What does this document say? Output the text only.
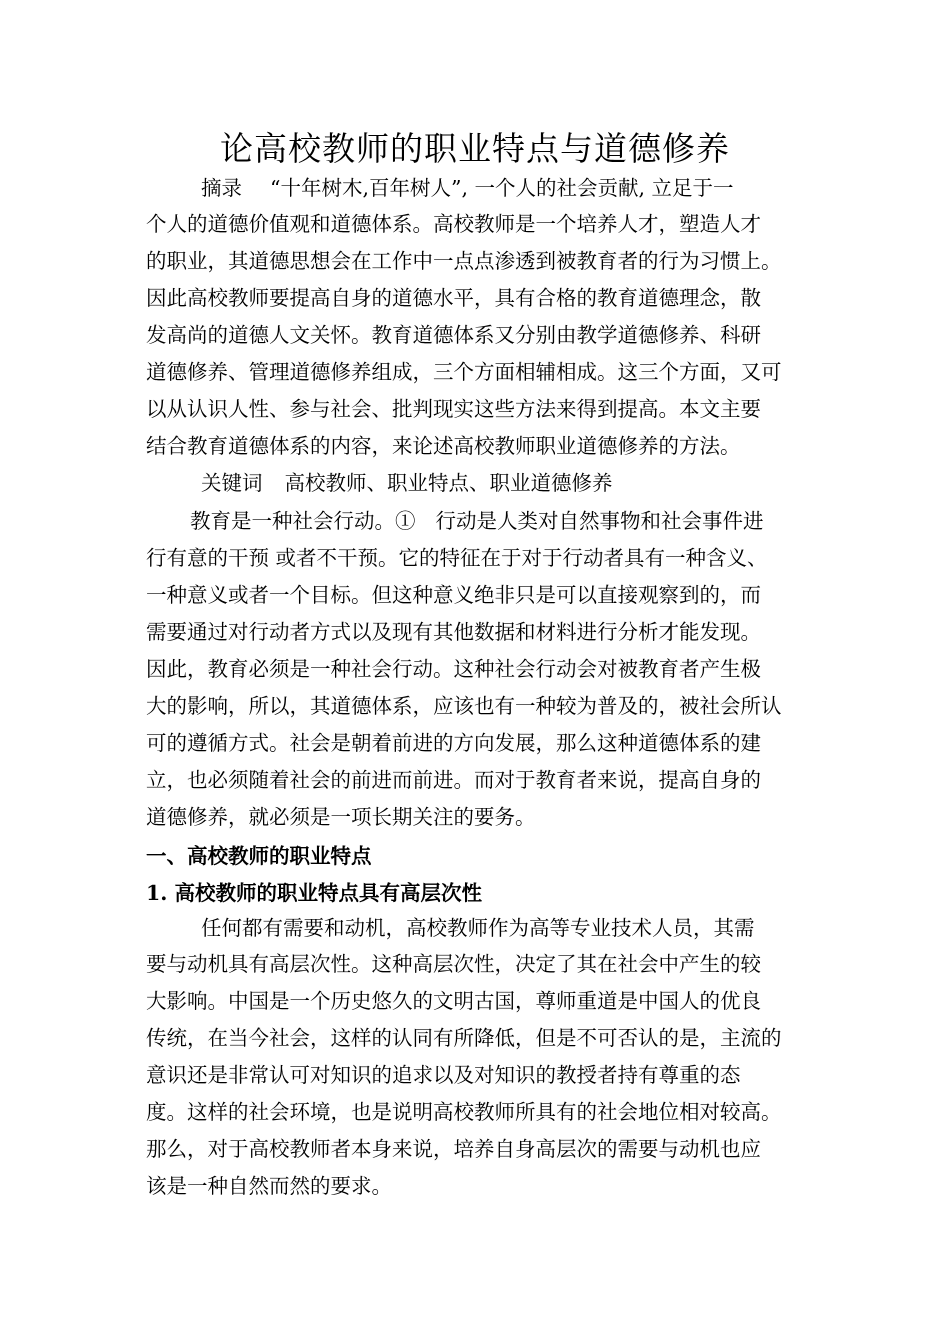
论高校教师的职业特点与道德修养
摘录 “十年树木,百年树人”, 一个人的社会贡献, 立足于一
个人的道德价值观和道德体系。高校教师是一个培养人才，塑造人才
的职业，其道德思想会在工作中一点点渗透到被教育者的行为习惯上。
因此高校教师要提高自身的道德水平，具有合格的教育道德理念，散
发高尚的道德人文关怀。教育道德体系又分别由教学道德修养、科研
道德修养、管理道德修养组成，三个方面相辅相成。这三个方面，又可
以从认识人性、参与社会、批判现实这些方法来得到提高。本文主要
结合教育道德体系的内容，来论述高校教师职业道德修养的方法。
关键词 高校教师、职业特点、职业道德修养
教育是一种社会行动。① 行动是人类对自然事物和社会事件进
行有意的干预 或者不干预。它的特征在于对于行动者具有一种含义、
一种意义或者一个目标。但这种意义绝非只是可以直接观察到的，而
需要通过对行动者方式以及现有其他数据和材料进行分析才能发现。
因此，教育必须是一种社会行动。这种社会行动会对被教育者产生极
大的影响，所以，其道德体系，应该也有一种较为普及的，被社会所认
可的遵循方式。社会是朝着前进的方向发展，那么这种道德体系的建
立，也必须随着社会的前进而前进。而对于教育者来说，提高自身的
道德修养，就必须是一项长期关注的要务。
一、高校教师的职业特点
1. 高校教师的职业特点具有高层次性
任何都有需要和动机，高校教师作为高等专业技术人员，其需
要与动机具有高层次性。这种高层次性，决定了其在社会中产生的较
大影响。中国是一个历史悠久的文明古国，尊师重道是中国人的优良
传统，在当今社会，这样的认同有所降低，但是不可否认的是，主流的
意识还是非常认可对知识的追求以及对知识的教授者持有尊重的态
度。这样的社会环境，也是说明高校教师所具有的社会地位相对较高。
那么，对于高校教师者本身来说，培养自身高层次的需要与动机也应
该是一种自然而然的要求。
